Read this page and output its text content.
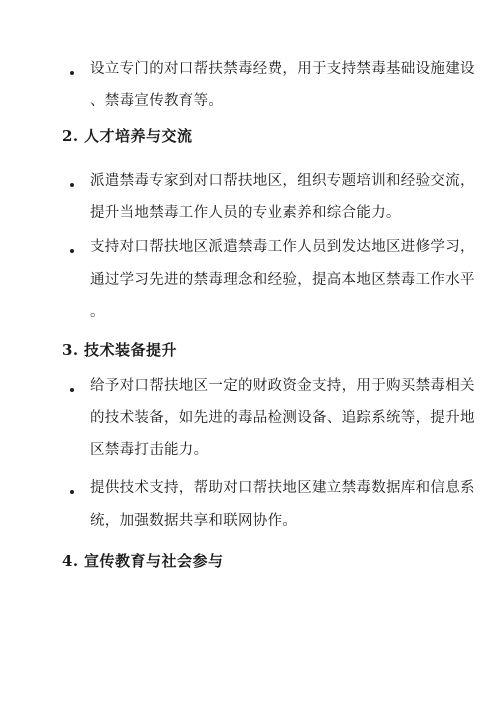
设立专门的对口帮扶禁毒经费，用于支持禁毒基础设施建设
、禁毒宣传教育等。
2. 人才培养与交流
派遣禁毒专家到对口帮扶地区，组织专题培训和经验交流，
提升当地禁毒工作人员的专业素养和综合能力。
支持对口帮扶地区派遣禁毒工作人员到发达地区进修学习，
通过学习先进的禁毒理念和经验，提高本地区禁毒工作水平
。
3. 技术装备提升
给予对口帮扶地区一定的财政资金支持，用于购买禁毒相关
的技术装备，如先进的毒品检测设备、追踪系统等，提升地
区禁毒打击能力。
提供技术支持，帮助对口帮扶地区建立禁毒数据库和信息系
统，加强数据共享和联网协作。
4. 宣传教育与社会参与
